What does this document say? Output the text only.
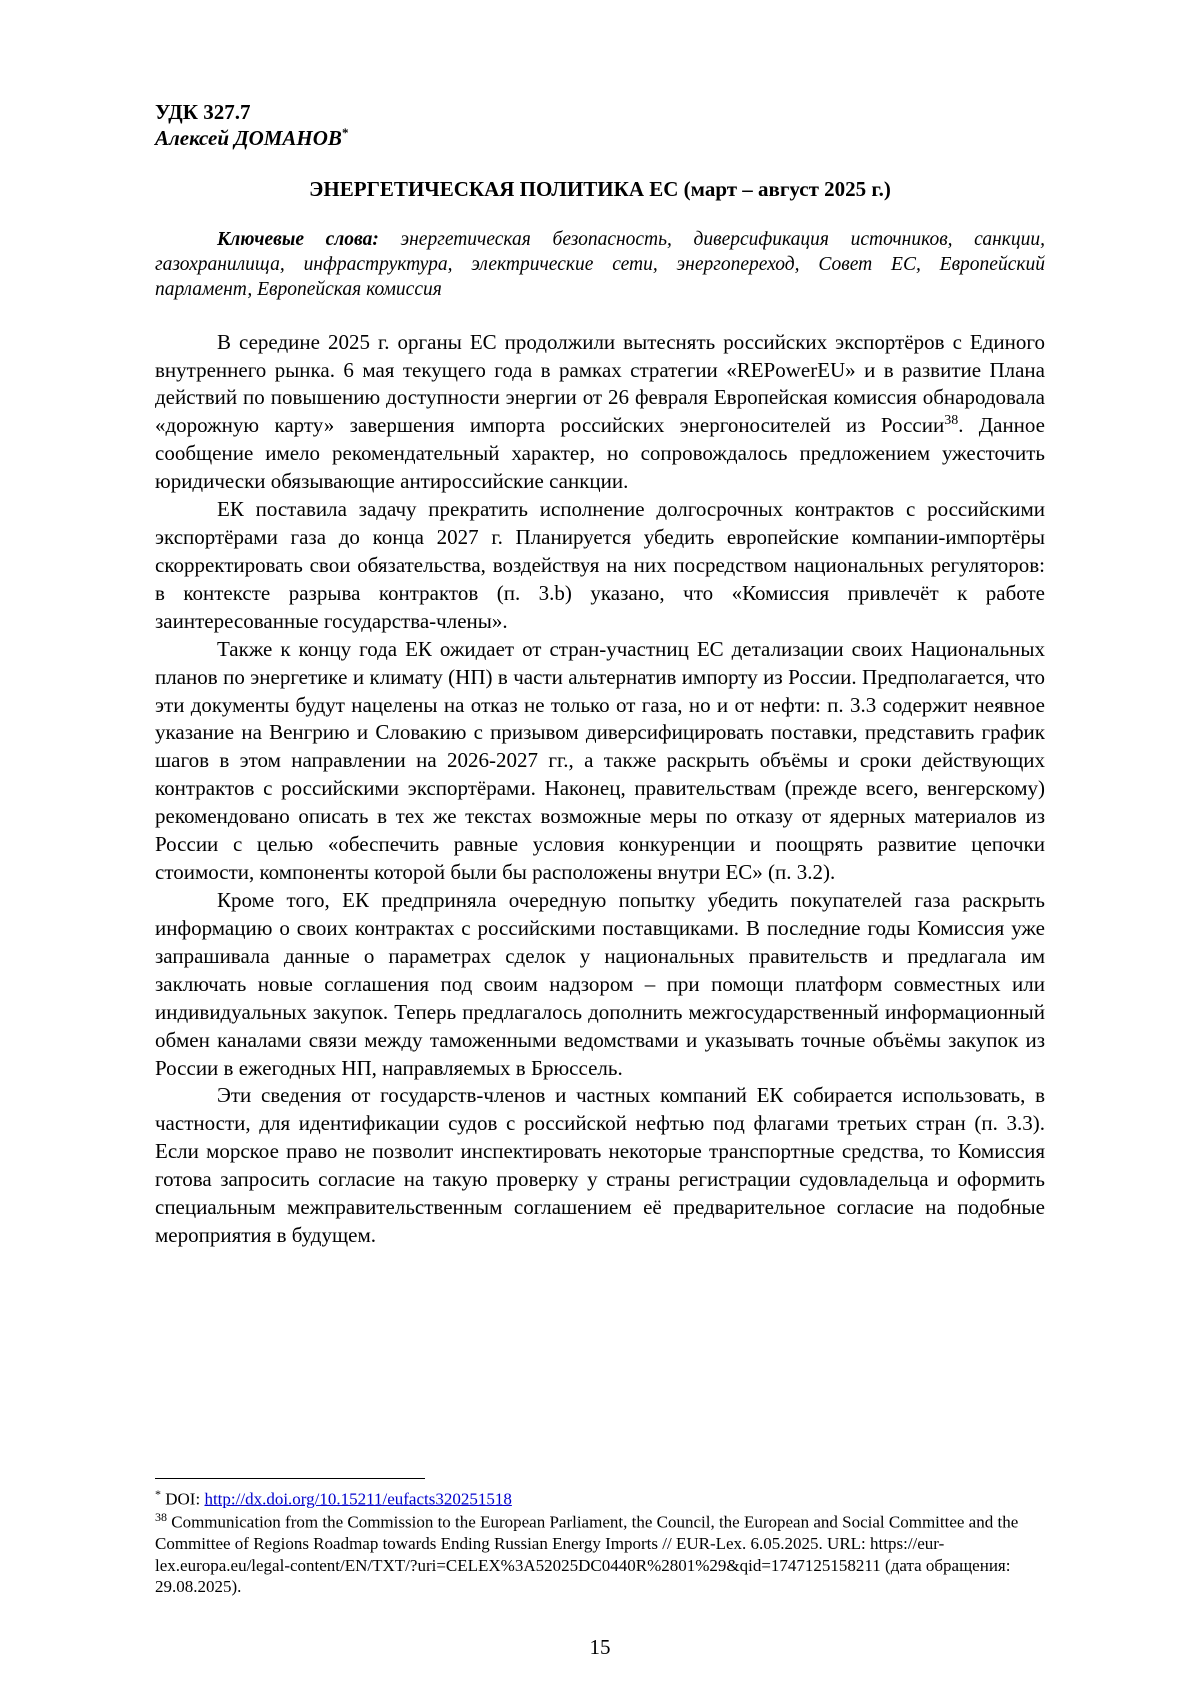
УДК 327.7
Алексей ДОМАНОВ*
ЭНЕРГЕТИЧЕСКАЯ ПОЛИТИКА ЕС (март – август 2025 г.)
Ключевые слова: энергетическая безопасность, диверсификация источников, санкции, газохранилища, инфраструктура, электрические сети, энергопереход, Совет ЕС, Европейский парламент, Европейская комиссия

В середине 2025 г. органы ЕС продолжили вытеснять российских экспортёров с Единого внутреннего рынка. 6 мая текущего года в рамках стратегии «REPowerEU» и в развитие Плана действий по повышению доступности энергии от 26 февраля Европейская комиссия обнародовала «дорожную карту» завершения импорта российских энергоносителей из России$^{38}$. Данное сообщение имело рекомендательный характер, но сопровождалось предложением ужесточить юридически обязывающие антироссийские санкции.

ЕК поставила задачу прекратить исполнение долгосрочных контрактов с российскими экспортёрами газа до конца 2027 г. Планируется убедить европейские компании-импортёры скорректировать свои обязательства, воздействуя на них посредством национальных регуляторов: в контексте разрыва контрактов (п. 3.b) указано, что «Комиссия привлечёт к работе заинтересованные государства-члены».

Также к концу года ЕК ожидает от стран-участниц ЕС детализации своих Национальных планов по энергетике и климату (НП) в части альтернатив импорту из России. Предполагается, что эти документы будут нацелены на отказ не только от газа, но и от нефти: п. 3.3 содержит неявное указание на Венгрию и Словакию с призывом диверсифицировать поставки, представить график шагов в этом направлении на 2026-2027 гг., а также раскрыть объёмы и сроки действующих контрактов с российскими экспортёрами. Наконец, правительствам (прежде всего, венгерскому) рекомендовано описать в тех же текстах возможные меры по отказу от ядерных материалов из России с целью «обеспечить равные условия конкуренции и поощрять развитие цепочки стоимости, компоненты которой были бы расположены внутри ЕС» (п. 3.2).

Кроме того, ЕК предприняла очередную попытку убедить покупателей газа раскрыть информацию о своих контрактах с российскими поставщиками. В последние годы Комиссия уже запрашивала данные о параметрах сделок у национальных правительств и предлагала им заключать новые соглашения под своим надзором – при помощи платформ совместных или индивидуальных закупок. Теперь предлагалось дополнить межгосударственный информационный обмен каналами связи между таможенными ведомствами и указывать точные объёмы закупок из России в ежегодных НП, направляемых в Брюссель.

Эти сведения от государств-членов и частных компаний ЕК собирается использовать, в частности, для идентификации судов с российской нефтью под флагами третьих стран (п. 3.3). Если морское право не позволит инспектировать некоторые транспортные средства, то Комиссия готова запросить согласие на такую проверку у страны регистрации судовладельца и оформить специальным межправительственным соглашением её предварительное согласие на подобные мероприятия в будущем.

* DOI: http://dx.doi.org/10.15211/eufacts320251518
$^{38}$ Communication from the Commission to the European Parliament, the Council, the European and Social Committee and the Committee of Regions Roadmap towards Ending Russian Energy Imports // EUR-Lex. 6.05.2025. URL: https://eur-lex.europa.eu/legal-content/EN/TXT/?uri=CELEX%3A52025DC0440R%2801%29&qid=1747125158211 (дата обращения: 29.08.2025).
15
